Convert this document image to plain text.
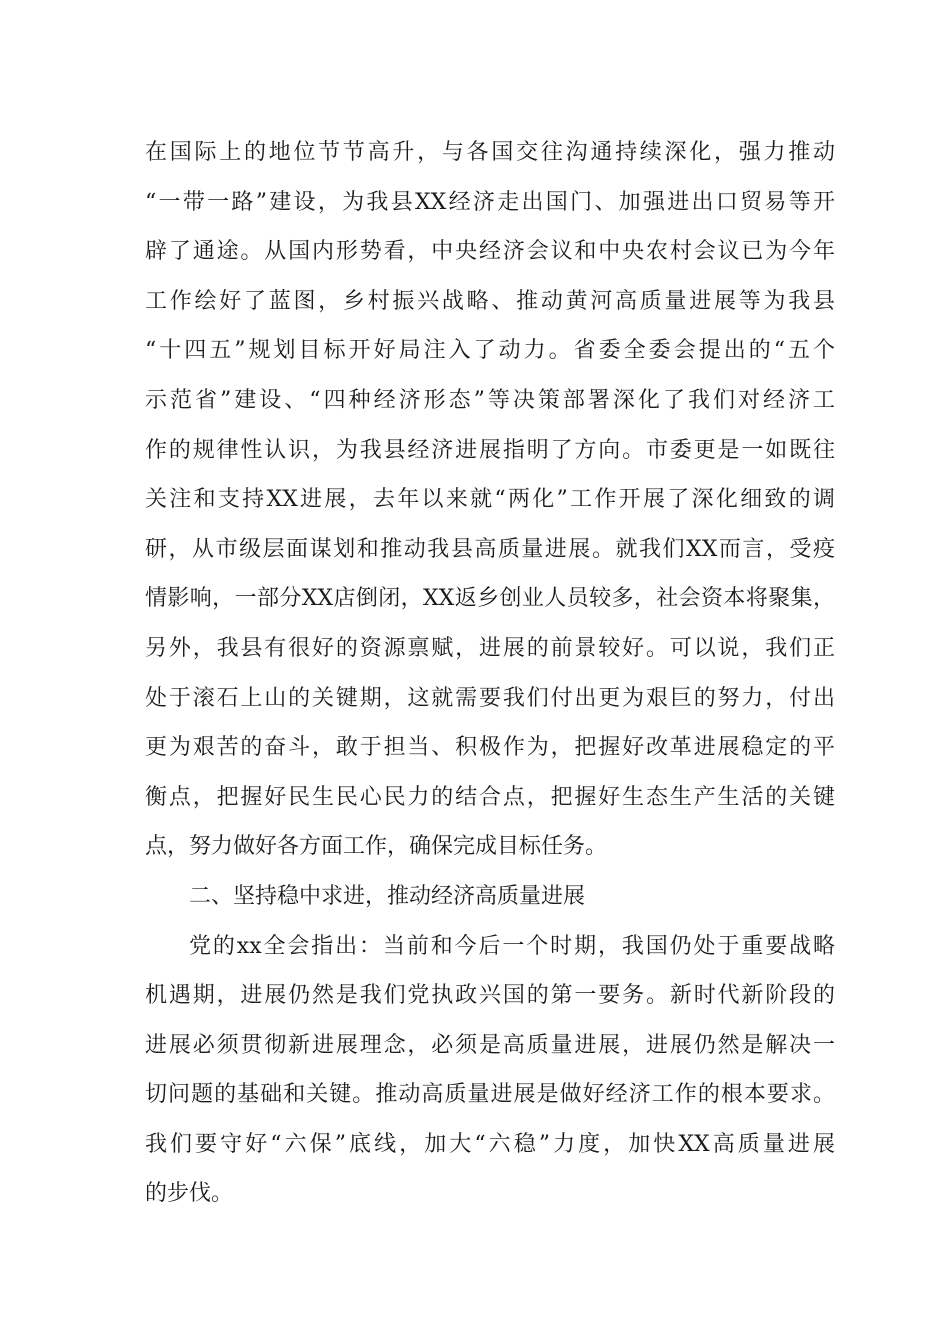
在国际上的地位节节高升，与各国交往沟通持续深化，强力推动
“一带一路”建设，为我县XX经济走出国门、加强进出口贸易等开
辟了通途。从国内形势看，中央经济会议和中央农村会议已为今年
工作绘好了蓝图，乡村振兴战略、推动黄河高质量进展等为我县
“十四五”规划目标开好局注入了动力。省委全委会提出的“五个
示范省”建设、“四种经济形态”等决策部署深化了我们对经济工
作的规律性认识，为我县经济进展指明了方向。市委更是一如既往
关注和支持XX进展，去年以来就“两化”工作开展了深化细致的调
研，从市级层面谋划和推动我县高质量进展。就我们XX而言，受疫
情影响，一部分XX店倒闭，XX返乡创业人员较多，社会资本将聚集，
另外，我县有很好的资源禀赋，进展的前景较好。可以说，我们正
处于滚石上山的关键期，这就需要我们付出更为艰巨的努力，付出
更为艰苦的奋斗，敢于担当、积极作为，把握好改革进展稳定的平
衡点，把握好民生民心民力的结合点，把握好生态生产生活的关键
点，努力做好各方面工作，确保完成目标任务。
二、坚持稳中求进，推动经济高质量进展
党的xx全会指出：当前和今后一个时期，我国仍处于重要战略
机遇期，进展仍然是我们党执政兴国的第一要务。新时代新阶段的
进展必须贯彻新进展理念，必须是高质量进展，进展仍然是解决一
切问题的基础和关键。推动高质量进展是做好经济工作的根本要求。
我们要守好“六保”底线，加大“六稳”力度，加快XX高质量进展
的步伐。
